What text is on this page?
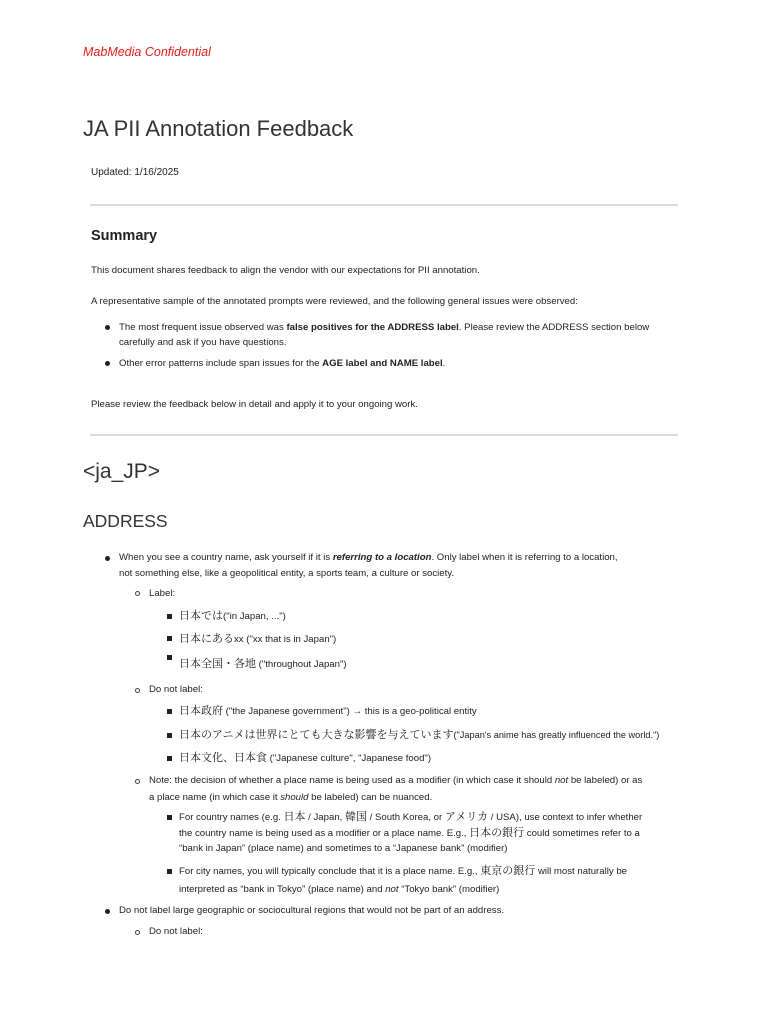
MabMedia Confidential
JA PII Annotation Feedback
Updated: 1/16/2025
Summary
This document shares feedback to align the vendor with our expectations for PII annotation.
A representative sample of the annotated prompts were reviewed, and the following general issues were observed:
The most frequent issue observed was false positives for the ADDRESS label. Please review the ADDRESS section below carefully and ask if you have questions.
Other error patterns include span issues for the AGE label and NAME label.
Please review the feedback below in detail and apply it to your ongoing work.
<ja_JP>
ADDRESS
When you see a country name, ask yourself if it is referring to a location. Only label when it is referring to a location,
not something else, like a geopolitical entity, a sports team, a culture or society.
Label:
日本では("in Japan, ...")
日本にあるxx ("xx that is in Japan")
日本全国・各地 ("throughout Japan")
Do not label:
日本政府 ("the Japanese government") → this is a geo-political entity
日本のアニメは世界にとても大きな影響を与えています("Japan's anime has greatly influenced the world.")
日本文化、日本食 ("Japanese culture", "Japanese food")
Note: the decision of whether a place name is being used as a modifier (in which case it should not be labeled) or as
a place name (in which case it should be labeled) can be nuanced.
For country names (e.g. 日本 / Japan, 韓国 / South Korea, or アメリカ / USA), use context to infer whether
the country name is being used as a modifier or a place name. E.g., 日本の銀行 could sometimes refer to a
“bank in Japan” (place name) and sometimes to a “Japanese bank” (modifier)
For city names, you will typically conclude that it is a place name. E.g., 東京の銀行 will most naturally be
interpreted as “bank in Tokyo” (place name) and not “Tokyo bank” (modifier)
Do not label large geographic or sociocultural regions that would not be part of an address.
Do not label:
